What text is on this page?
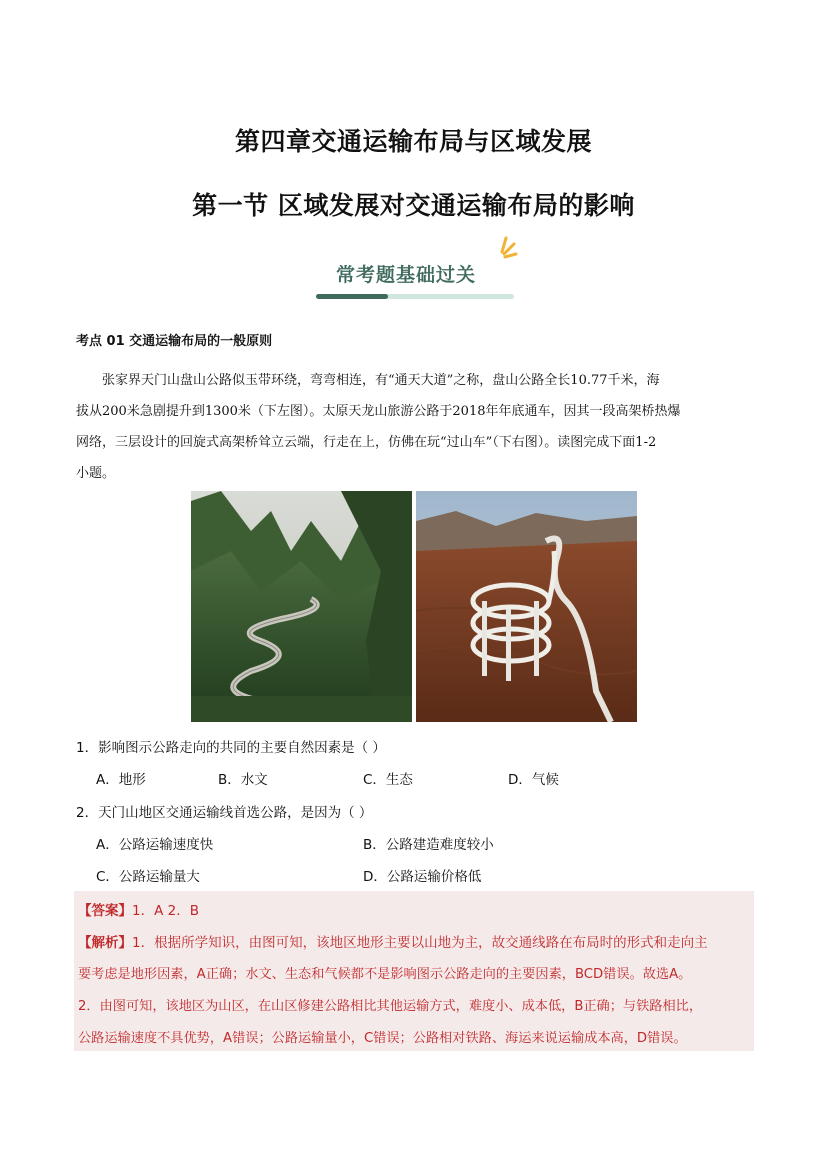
第四章交通运输布局与区域发展
第一节 区域发展对交通运输布局的影响
常考题基础过关
考点 01 交通运输布局的一般原则

张家界天门山盘山公路似玉带环绕，弯弯相连，有“通天大道”之称，盘山公路全长10.77千米，海

拔从200米急剧提升到1300米（下左图）。太原天龙山旅游公路于2018年年底通车，因其一段高架桥热爆
网络，三层设计的回旋式高架桥耸立云端，行走在上，仿佛在玩“过山车”（下右图）。读图完成下面1-2
小题。
1．影响图示公路走向的共同的主要自然因素是（ ）
A．地形	B．水文	C．生态	D．气候
2．天门山地区交通运输线首选公路，是因为（ ）
A．公路运输速度快	B．公路建造难度较小
C．公路运输量大	D．公路运输价格低
【答案】1．A 2．B
【解析】1．根据所学知识，由图可知，该地区地形主要以山地为主，故交通线路在布局时的形式和走向主
要考虑是地形因素，A正确；水文、生态和气候都不是影响图示公路走向的主要因素，BCD错误。故选A。
2．由图可知，该地区为山区，在山区修建公路相比其他运输方式，难度小、成本低，B正确；与铁路相比，
公路运输速度不具优势，A错误；公路运输量小，C错误；公路相对铁路、海运来说运输成本高，D错误。
